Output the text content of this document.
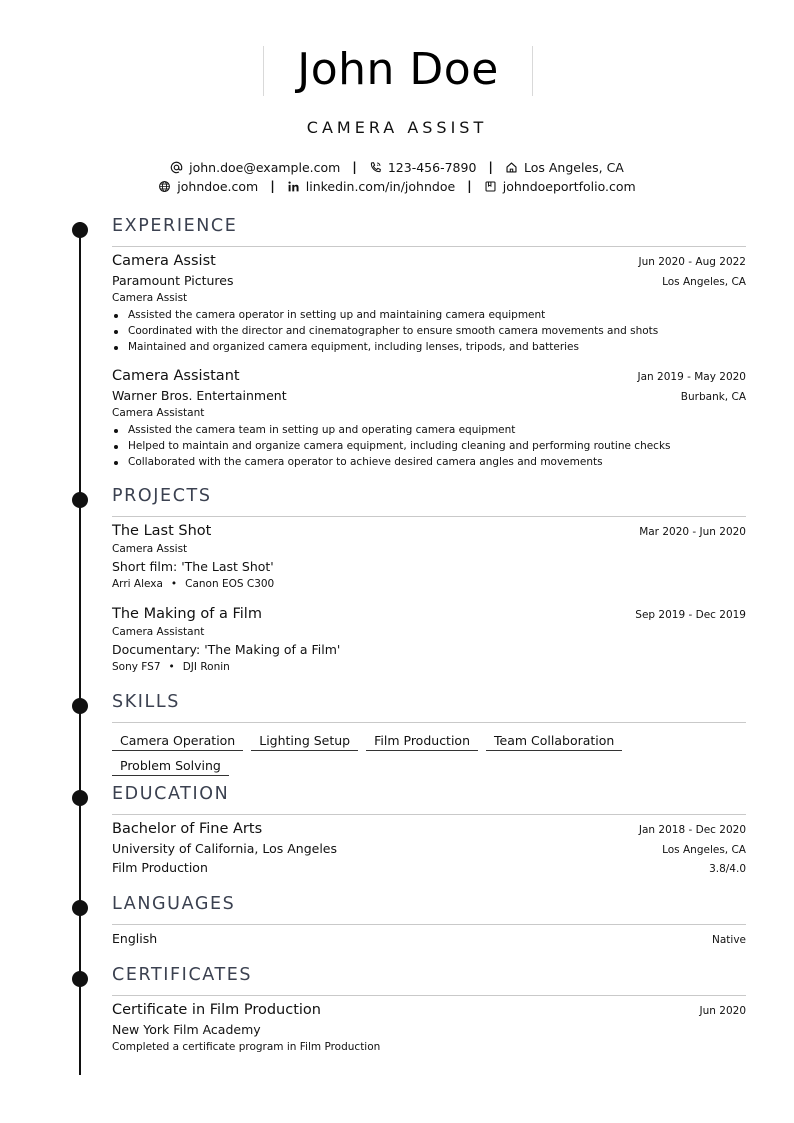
John Doe
CAMERA ASSIST
john.doe@example.com | 123-456-7890 | Los Angeles, CA
johndoe.com | linkedin.com/in/johndoe | johndoeportfolio.com
EXPERIENCE
Camera Assist	Jun 2020 - Aug 2022
Paramount Pictures	Los Angeles, CA
Camera Assist
Assisted the camera operator in setting up and maintaining camera equipment
Coordinated with the director and cinematographer to ensure smooth camera movements and shots
Maintained and organized camera equipment, including lenses, tripods, and batteries
Camera Assistant	Jan 2019 - May 2020
Warner Bros. Entertainment	Burbank, CA
Camera Assistant
Assisted the camera team in setting up and operating camera equipment
Helped to maintain and organize camera equipment, including cleaning and performing routine checks
Collaborated with the camera operator to achieve desired camera angles and movements
PROJECTS
The Last Shot	Mar 2020 - Jun 2020
Camera Assist
Short film: 'The Last Shot'
Arri Alexa • Canon EOS C300
The Making of a Film	Sep 2019 - Dec 2019
Camera Assistant
Documentary: 'The Making of a Film'
Sony FS7 • DJI Ronin
SKILLS
Camera Operation Lighting Setup Film Production Team Collaboration
Problem Solving
EDUCATION
Bachelor of Fine Arts	Jan 2018 - Dec 2020
University of California, Los Angeles	Los Angeles, CA
Film Production	3.8/4.0
LANGUAGES
English	Native
CERTIFICATES
Certificate in Film Production	Jun 2020
New York Film Academy
Completed a certificate program in Film Production
